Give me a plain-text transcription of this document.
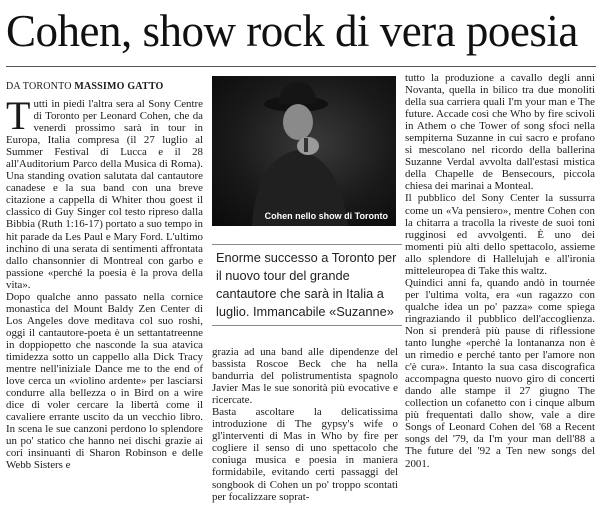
Cohen, show rock di vera poesia
DA TORONTO MASSIMO GATTO

Tutti in piedi l'altra sera al Sony Centre di Toronto per Leonard Cohen, che da venerdì prossimo sarà in tour in Europa, Italia compresa (il 27 luglio al Summer Festival di Lucca e il 28 all'Auditorium Parco della Musica di Roma). Una standing ovation salutata dal cantautore canadese e la sua band con una breve citazione a cappella di Whiter thou goest il classico di Guy Singer col testo ripreso dalla Bibbia (Ruth 1:16-17) portato a suo tempo in hit parade da Les Paul e Mary Ford. L'ultimo inchino di una serata di sentimenti affrontata dallo chansonnier di Montreal con garbo e passione «perché la poesia è la prova della vita».

Dopo qualche anno passato nella cornice monastica del Mount Baldy Zen Center di Los Angeles dove meditava col suo roshi, oggi il cantautore-poeta è un settantatreenne in doppiopetto che nasconde la sua atavica timidezza sotto un cappello alla Dick Tracy mentre nell'iniziale Dance me to the end of love cerca un «violino ardente» per lasciarsi condurre alla bellezza o in Bird on a wire dice di voler cercare la libertà come il cavaliere errante uscito da un vecchio libro. In scena le sue canzoni perdono lo splendore un po' statico che hanno nei dischi grazie ai cori insinuanti di Sharon Robinson e delle Webb Sisters e

Cohen nello show di Toronto
Enorme successo a Toronto per il nuovo tour del grande cantautore che sarà in Italia a luglio. Immancabile «Suzanne»

grazia ad una band alle dipendenze del bassista Roscoe Beck che ha nella bandurria del polistrumentista spagnolo Javier Mas le sue sonorità più evocative e ricercate.

Basta ascoltare la delicatissima introduzione di The gypsy's wife o gl'interventi di Mas in Who by fire per cogliere il senso di uno spettacolo che coniuga musica e poesia in maniera formidabile, evitando certi passaggi del songbook di Cohen un po' troppo scontati per focalizzare soprat-

tutto la produzione a cavallo degli anni Novanta, quella in bilico tra due monoliti della sua carriera quali I'm your man e The future. Accade così che Who by fire scivoli in Athem o che Tower of song sfoci nella sempiterna Suzanne in cui sacro e profano si mescolano nel ricordo della ballerina Suzanne Verdal avvolta dall'estasi mistica della Chapelle de Bensecours, piccola chiesa dei marinai a Monteal.

Il pubblico del Sony Center la sussurra come un «Va pensiero», mentre Cohen con la chitarra a tracolla la riveste de suoi toni rugginosi ed avvolgenti. È uno dei momenti più alti dello spettacolo, assieme allo splendore di Hallelujah e all'ironia mitteleuropea di Take this waltz.

Quindici anni fa, quando andò in tournée per l'ultima volta, era «un ragazzo con qualche idea un po' pazza» come spiega ringraziando il pubblico dell'accoglienza. Non si prenderà più pause di riflessione tanto lunghe «perché la lontananza non è un rimedio e perché tanto per l'amore non c'è cura». Intanto la sua casa discografica accompagna questo nuovo giro di concerti dando alle stampe il 27 giugno The collection un cofanetto con i cinque album più frequentati dallo show, vale a dire Songs of Leonard Cohen del '68 a Recent songs del '79, da I'm your man dell'88 a The future del '92 a Ten new songs del 2001.
